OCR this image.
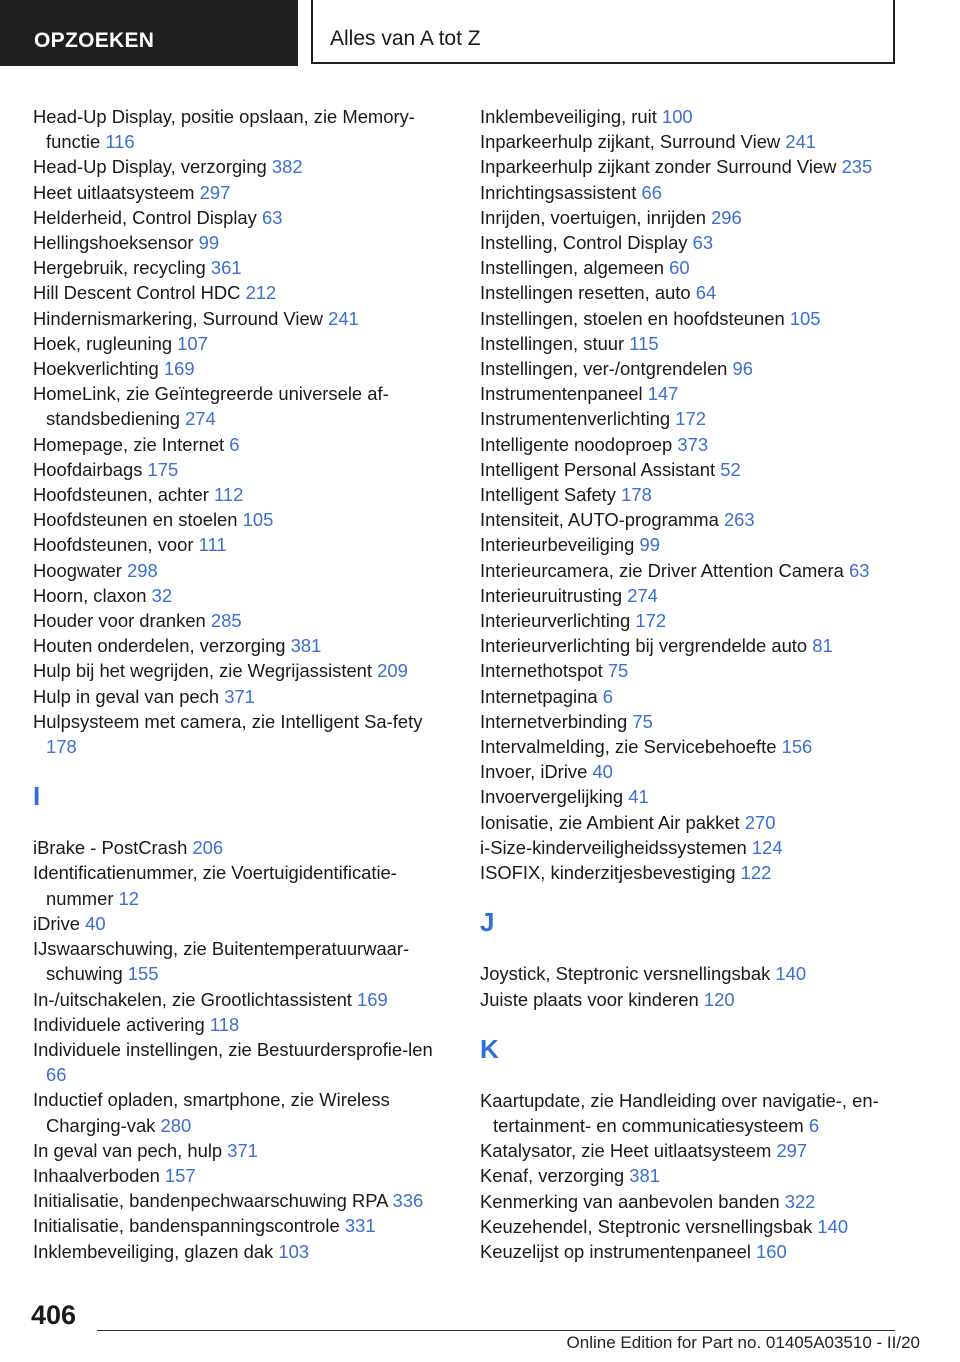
OPZOEKEN	Alles van A tot Z
Head-Up Display, positie opslaan, zie Memory-functie 116
Head-Up Display, verzorging 382
Heet uitlaatsysteem 297
Helderheid, Control Display 63
Hellingshoeksensor 99
Hergebruik, recycling 361
Hill Descent Control HDC 212
Hindernismarkering, Surround View 241
Hoek, rugleuning 107
Hoekverlichting 169
HomeLink, zie Geïntegreerde universele af-standsbediening 274
Homepage, zie Internet 6
Hoofdairbags 175
Hoofdsteunen, achter 112
Hoofdsteunen en stoelen 105
Hoofdsteunen, voor 111
Hoogwater 298
Hoorn, claxon 32
Houder voor dranken 285
Houten onderdelen, verzorging 381
Hulp bij het wegrijden, zie Wegrijassistent 209
Hulp in geval van pech 371
Hulpsysteem met camera, zie Intelligent Sa-fety 178
I
iBrake - PostCrash 206
Identificatienummer, zie Voertuigidentificatie-nummer 12
iDrive 40
IJswaarschuwing, zie Buitentemperatuurwaar-schuwing 155
In-/uitschakelen, zie Grootlichtassistent 169
Individuele activering 118
Individuele instellingen, zie Bestuurdersprofie-len 66
Inductief opladen, smartphone, zie Wireless Charging-vak 280
In geval van pech, hulp 371
Inhaalverboden 157
Initialisatie, bandenpechwaarschuwing RPA 336
Initialisatie, bandenspanningscontrole 331
Inklembeveiliging, glazen dak 103
Inklembeveiliging, ruit 100
Inparkeerhulp zijkant, Surround View 241
Inparkeerhulp zijkant zonder Surround View 235
Inrichtingsassistent 66
Inrijden, voertuigen, inrijden 296
Instelling, Control Display 63
Instellingen, algemeen 60
Instellingen resetten, auto 64
Instellingen, stoelen en hoofdsteunen 105
Instellingen, stuur 115
Instellingen, ver-/ontgrendelen 96
Instrumentenpaneel 147
Instrumentenverlichting 172
Intelligente noodoproep 373
Intelligent Personal Assistant 52
Intelligent Safety 178
Intensiteit, AUTO-programma 263
Interieurbeveiliging 99
Interieurcamera, zie Driver Attention Camera 63
Interieuruitrusting 274
Interieurverlichting 172
Interieurverlichting bij vergrendelde auto 81
Internethotspot 75
Internetpagina 6
Internetverbinding 75
Intervalmelding, zie Servicebehoefte 156
Invoer, iDrive 40
Invoervergelijking 41
Ionisatie, zie Ambient Air pakket 270
i-Size-kinderveiligheidssystemen 124
ISOFIX, kinderzitjesbevestiging 122
J
Joystick, Steptronic versnellingsbak 140
Juiste plaats voor kinderen 120
K
Kaartupdate, zie Handleiding over navigatie-, en-tertainment- en communicatiesysteem 6
Katalysator, zie Heet uitlaatsysteem 297
Kenaf, verzorging 381
Kenmerking van aanbevolen banden 322
Keuzehendel, Steptronic versnellingsbak 140
Keuzelijst op instrumentenpaneel 160
406
Online Edition for Part no. 01405A03510 - II/20
